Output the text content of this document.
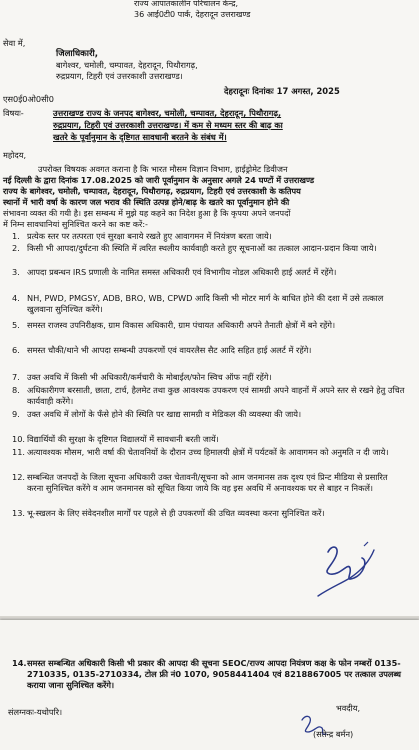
राज्य आपातकालीन परिचालन केन्द्र,
36 आई0टी0 पार्क, देहरादून उत्तराखण्ड
सेवा में,
जिलाधिकारी,
बागेश्वर, चमोली, चम्पावत, देहरादून, पिथौरागढ़,
रुद्रप्रयाग, टिहरी एवं उत्तरकाशी उत्तराखण्ड।
एस0ई0ओ0सी0
देहरादूनः दिनांकः 17 अगस्त, 2025
विषयः-	उत्तराखण्ड राज्य के जनपद बागेश्वर, चमोली, चम्पावत, देहरादून, पिथौरागढ़,
रुद्रप्रयाग, टिहरी एवं उत्तरकाशी उत्तराखण्ड। में कम से मध्यम स्तर की बाढ़ का
खतरे के पूर्वानुमान के दृष्टिगत सावधानी बरतने के संबंध में।
महोदय,
उपरोक्त विषयक अवगत कराना है कि भारत मौसम विज्ञान विभाग, हाईड्रोमेट डिवीजन
नई दिल्ली के द्वारा दिनांक 17.08.2025 को जारी पूर्वानुमान के अनुसार अगले 24 घण्टों में उत्तराखण्ड
राज्य के बागेश्वर, चमोली, चम्पावत, देहरादून, पिथौरागढ़, रुद्रप्रयाग, टिहरी एवं उत्तरकाशी के कतिपय
स्थानों में भारी वर्षा के कारण जल भराव की स्थिति उत्पन्न होने/बाढ़ के खतरे का पूर्वानुमान होने की
संभावना व्यक्त की गयी है। इस सम्बन्ध में मुझे यह कहने का निदेश हुआ है कि कृपया अपने जनपदों
में निम्न सावधानियां सुनिश्चित करने का कष्ट करें:-
1. प्रत्येक स्तर पर तत्परता एवं सुरक्षा बनाये रखते हुए आवागमन में नियंत्रण बरता जाये।
2. किसी भी आपदा/दुर्घटना की स्थिति में त्वरित स्थलीय कार्यवाही करते हुए सूचनाओं का तत्काल आदान-प्रदान किया जाये।
3. आपदा प्रबन्धन IRS प्रणाली के नामित समस्त अधिकारी एवं विभागीय नोडल अधिकारी हाई अलर्ट में रहेंगे।
4. NH, PWD, PMGSY, ADB, BRO, WB, CPWD आदि किसी भी मोटर मार्ग के बाधित होने की दशा में उसे तत्काल खुलवाना सुनिश्चित करेंगे।
5. समस्त राजस्व उपनिरीक्षक, ग्राम विकास अधिकारी, ग्राम पंचायत अधिकारी अपने तैनाती क्षेत्रों में बने रहेंगे।
6. समस्त चौकी/थाने भी आपदा सम्बन्धी उपकरणों एवं वायरलैस सैट आदि सहित हाई अलर्ट में रहेंगे।
7. उक्त अवधि में किसी भी अधिकारी/कर्मचारी के मोबाईल/फोन स्विच ऑफ नहीं रहेंगे।
8. अधिकारीगण बरसाती, छाता, टार्च, हैलमेट तथा कुछ आवश्यक उपकरण एवं सामग्री अपने वाहनों में अपने स्तर से रखने हेतु उचित कार्यवाही करेंगे।
9. उक्त अवधि में लोगों के फँसे होने की स्थिति पर खाद्य सामग्री व मेडिकल की व्यवस्था की जाये।
10. विद्यार्थियों की सुरक्षा के दृष्टिगत विद्यालयों में सावधानी बरती जायें।
11. अत्यावश्यक मौसम, भारी वर्षा की चेतावनियों के दौरान उच्च हिमालयी क्षेत्रों में पर्यटकों के आवागमन को अनुमति न दी जाये।
12. सम्बन्धित जनपदों के जिला सूचना अधिकारी उक्त चेतावनी/सूचना को आम जनमानस तक दृश्य एवं प्रिन्ट मीडिया से प्रसारित करना सुनिश्चित करेंगे व आम जनमानस को सूचित किया जाये कि वह इस अवधि में अनावश्यक घर से बाहर न निकलें।
13. भू-स्खलन के लिए संवेदनशील मार्गों पर पहले से ही उपकरणों की उचित व्यवस्था करना सुनिश्चित करें।
14. समस्त सम्बन्धित अधिकारी किसी भी प्रकार की आपदा की सूचना SEOC/राज्य आपदा नियंत्रण कक्ष के फोन नम्बरों 0135-2710335, 0135-2710334, टोल फ्री नं0 1070, 9058441404 एवं 8218867005 पर तत्काल उपलब्ध कराया जाना सुनिश्चित करेंगे।
संलग्नकः-यथोपरि।	भवदीय,
(सतेन्द्र बर्मन)
